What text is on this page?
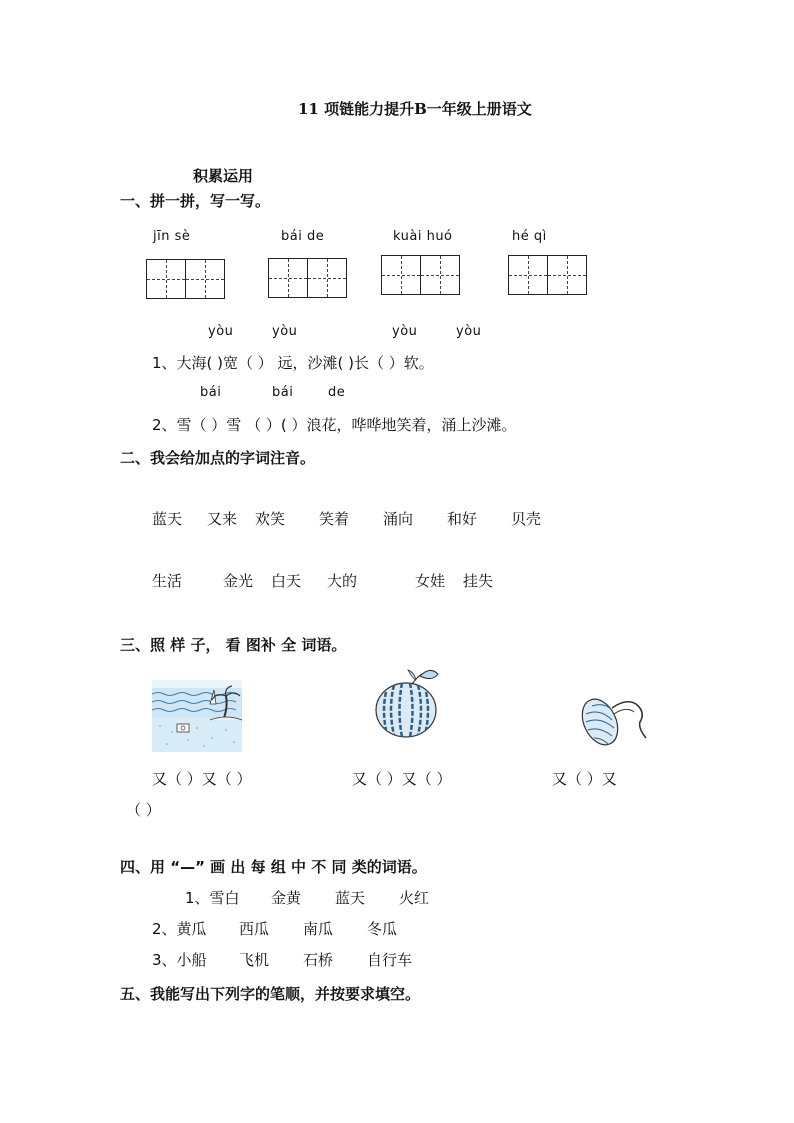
11 项链能力提升B一年级上册语文
积累运用
一、拼一拼，写一写。
jīn sè	bái de	kuài huó	hé qì
yòu	yòu	yòu	yòu
1、大海( )宽（ ） 远，沙滩( )长（ ）软。
bái	bái	de
2、雪（ ）雪 （ ）( ）浪花，哗哗地笑着，涌上沙滩。
二、我会给加点的字词注音。
蓝天 又来 欢笑 笑着 涌向 和好 贝壳
生活	金光 白天 大的	女娃 挂失
三、照 样 子， 看 图补 全 词语。
又（ ）又（ ）	又（ ）又（ ）	又（ ）又
（ ）
四、用 “—” 画 出 每 组 中 不 同 类的词语。
1、雪白 金黄 蓝天 火红
2、黄瓜 西瓜 南瓜 冬瓜
3、小船 飞机 石桥 自行车
五、我能写出下列字的笔顺，并按要求填空。
